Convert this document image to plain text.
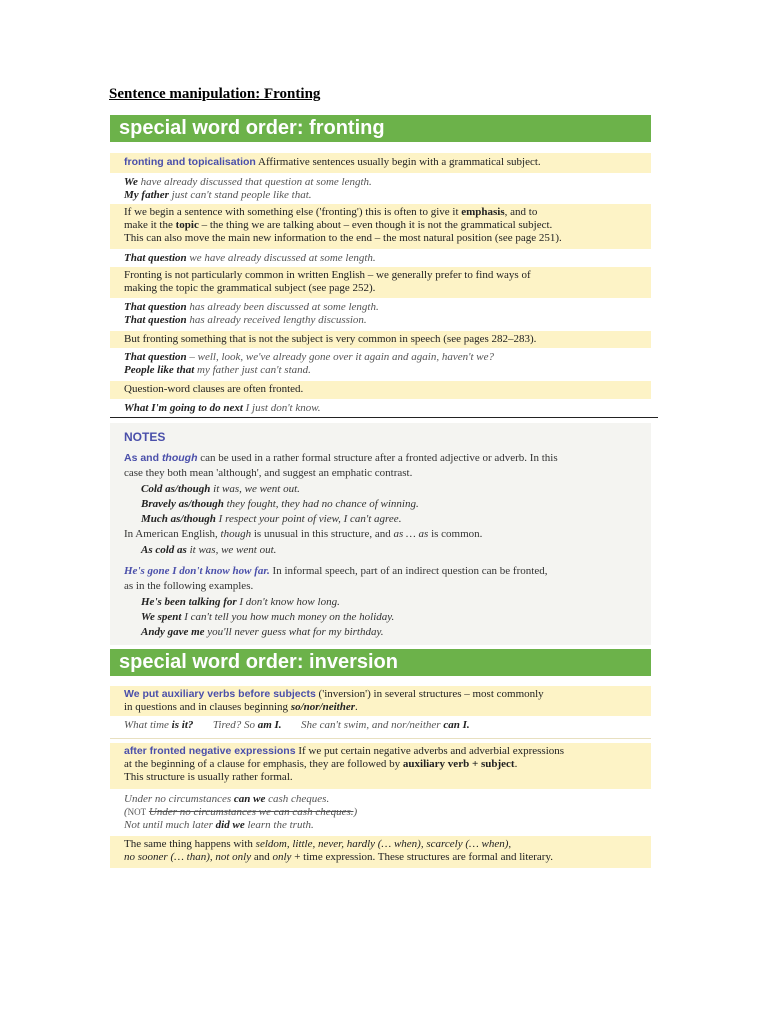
Sentence manipulation: Fronting
special word order: fronting
fronting and topicalisation Affirmative sentences usually begin with a grammatical subject.
We have already discussed that question at some length.
My father just can't stand people like that.
If we begin a sentence with something else ('fronting') this is often to give it emphasis, and to
make it the topic – the thing we are talking about – even though it is not the grammatical subject.
This can also move the main new information to the end – the most natural position (see page 251).
That question we have already discussed at some length.
Fronting is not particularly common in written English – we generally prefer to find ways of
making the topic the grammatical subject (see page 252).
That question has already been discussed at some length.
That question has already received lengthy discussion.
But fronting something that is not the subject is very common in speech (see pages 282–283).
That question – well, look, we've already gone over it again and again, haven't we?
People like that my father just can't stand.
Question-word clauses are often fronted.
What I'm going to do next I just don't know.
NOTES
As and though can be used in a rather formal structure after a fronted adjective or adverb. In this
case they both mean 'although', and suggest an emphatic contrast.
Cold as/though it was, we went out.
Bravely as/though they fought, they had no chance of winning.
Much as/though I respect your point of view, I can't agree.
In American English, though is unusual in this structure, and as … as is common.
As cold as it was, we went out.
He's gone I don't know how far. In informal speech, part of an indirect question can be fronted,
as in the following examples.
He's been talking for I don't know how long.
We spent I can't tell you how much money on the holiday.
Andy gave me you'll never guess what for my birthday.
special word order: inversion
We put auxiliary verbs before subjects ('inversion') in several structures – most commonly
in questions and in clauses beginning so/nor/neither.
What time is it? Tired? So am I. She can't swim, and nor/neither can I.
after fronted negative expressions If we put certain negative adverbs and adverbial expressions
at the beginning of a clause for emphasis, they are followed by auxiliary verb + subject.
This structure is usually rather formal.
Under no circumstances can we cash cheques.
(NOT Under no circumstances we can cash cheques.)
Not until much later did we learn the truth.
The same thing happens with seldom, little, never, hardly (… when), scarcely (… when),
no sooner (… than), not only and only + time expression. These structures are formal and literary.
